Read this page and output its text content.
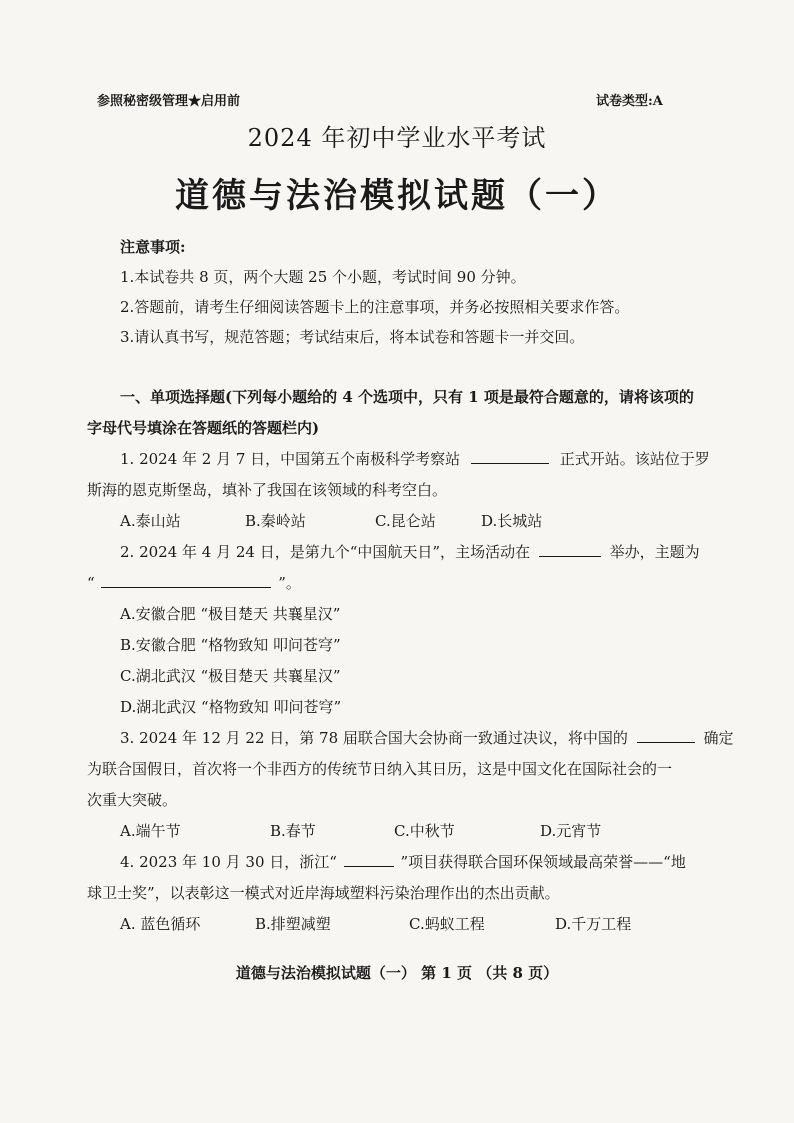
参照秘密级管理★启用前	试卷类型:A
2024 年初中学业水平考试
道德与法治模拟试题（一）
注意事项:
1.本试卷共 8 页，两个大题 25 个小题，考试时间 90 分钟。
2.答题前，请考生仔细阅读答题卡上的注意事项，并务必按照相关要求作答。
3.请认真书写，规范答题；考试结束后，将本试卷和答题卡一并交回。
一、单项选择题(下列每小题给的 4 个选项中，只有 1 项是最符合题意的，请将该项的
字母代号填涂在答题纸的答题栏内)
1. 2024 年 2 月 7 日，中国第五个南极科学考察站	正式开站。该站位于罗
斯海的恩克斯堡岛，填补了我国在该领域的科考空白。
A.泰山站	B.秦岭站	C.昆仑站	D.长城站
2. 2024 年 4 月 24 日，是第九个“中国航天日”，主场活动在	举办，主题为
“	”。
A.安徽合肥 “极目楚天 共襄星汉”
B.安徽合肥 “格物致知 叩问苍穹”
C.湖北武汉 “极目楚天 共襄星汉”
D.湖北武汉 “格物致知 叩问苍穹”
3. 2024 年 12 月 22 日，第 78 届联合国大会协商一致通过决议，将中国的	确定
为联合国假日，首次将一个非西方的传统节日纳入其日历，这是中国文化在国际社会的一
次重大突破。
A.端午节	B.春节	C.中秋节	D.元宵节
4. 2023 年 10 月 30 日，浙江“	”项目获得联合国环保领域最高荣誉——“地
球卫士奖”，以表彰这一模式对近岸海域塑料污染治理作出的杰出贡献。
A. 蓝色循环	B.排塑减塑	C.蚂蚁工程	D.千万工程
道德与法治模拟试题（一） 第 1 页 （共 8 页）
